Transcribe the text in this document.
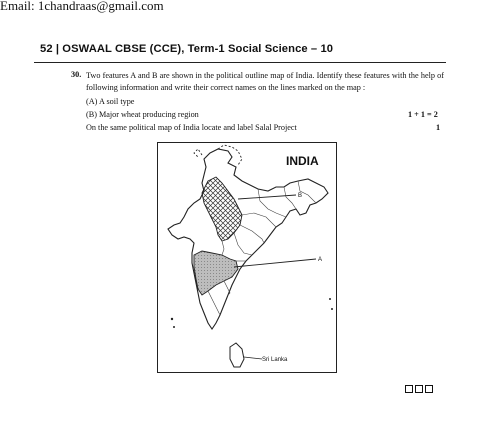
Email: 1chandraas@gmail.com
52 | OSWAAL CBSE (CCE), Term-1 Social Science – 10
30. Two features A and B are shown in the political outline map of India. Identify these features with the help of following information and write their correct names on the lines marked on the map :
(A) A soil type
(B) Major wheat producing region	1 + 1 = 2
On the same political map of India locate and label Salal Project	1
INDIA
B
A
Sri Lanka
